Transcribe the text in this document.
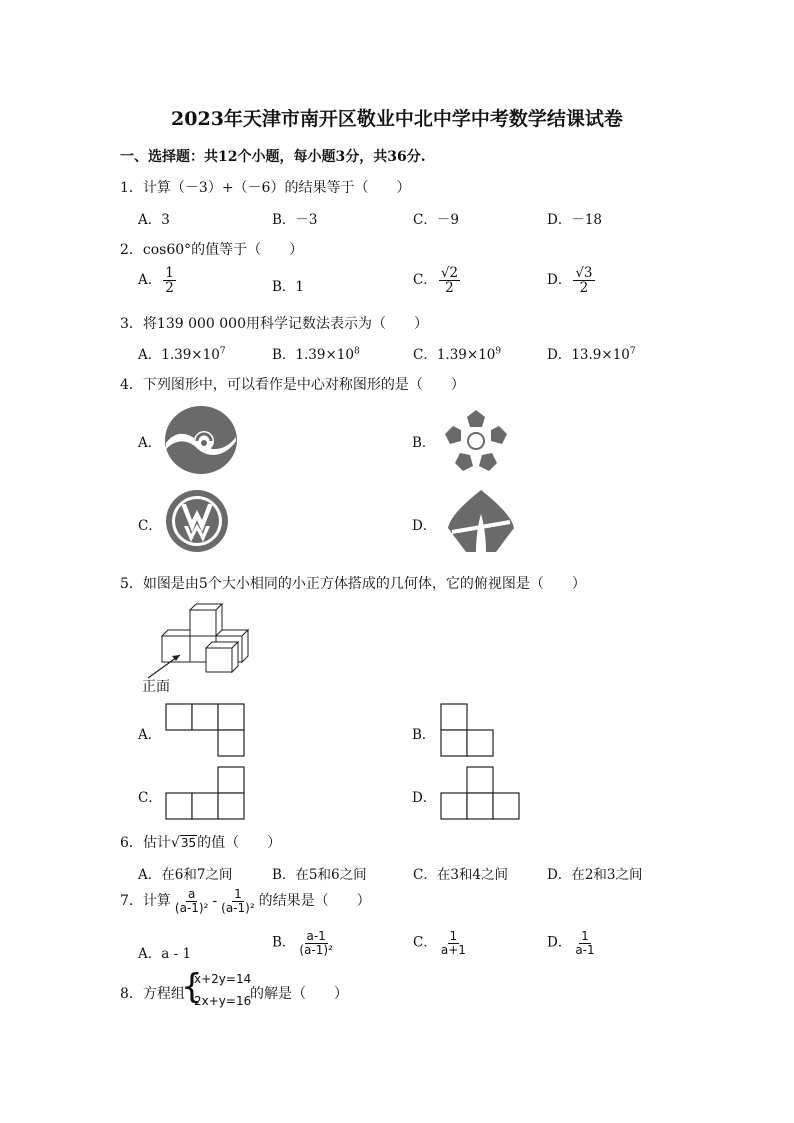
2023年天津市南开区敬业中北中学中考数学结课试卷
一、选择题：共12个小题，每小题3分，共36分.
1．计算（－3）+（－6）的结果等于（　　）
A．3	B．－3	C．－9	D．－18
2．cos60°的值等于（　　）
A． $\frac{1}{2}$	B．1	C． $\frac{√2}{2}$	D． $\frac{√3}{2}$
3．将139 000 000用科学记数法表示为（　　）
A．$1.39\times 10^7$	B．$1.39\times 10^8$	C．$1.39\times 10^9$	D．$13.9\times 10^7$
4．下列图形中，可以看作是中心对称图形的是（　　）
A．	B．
C．	D．
5．如图是由5个大小相同的小正方体搭成的几何体，它的俯视图是（　　）
正面
A．	B．
C．	D．
6．估计√35的值（　　）
A．在6和7之间	B．在5和6之间	C．在3和4之间	D．在2和3之间
7．计算 $\frac{a}{\text{(a-1)²}} - \frac{1}{\text{(a-1)²}}$ 的结果是（　　）
A．a - 1
B． $\frac{a-1}{\text{(a-1)²}}$	C． $\frac{1}{a+1}$	D． $\frac{1}{a-1}$
8．方程组
{
x+2y=14
2x+y=16
的解是（　　）
